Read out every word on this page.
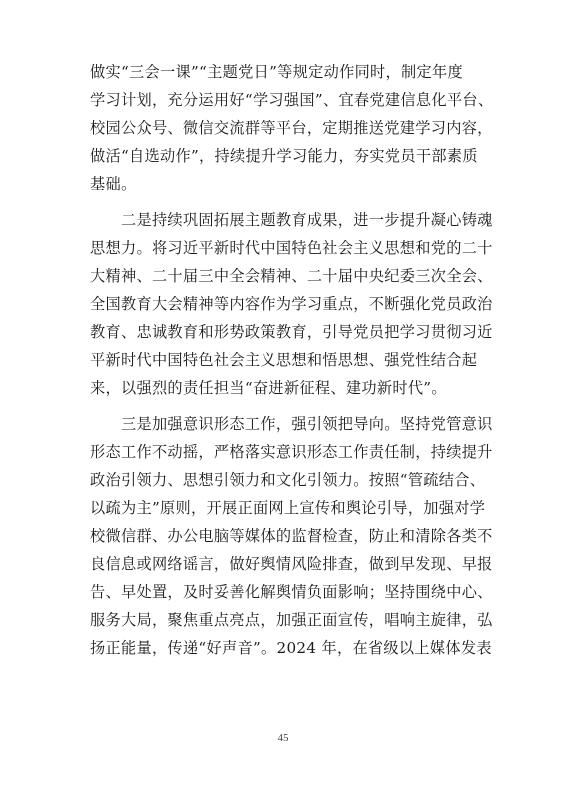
做实“三会一课”“主题党日”等规定动作同时，制定年度
学习计划，充分运用好“学习强国”、宜春党建信息化平台、
校园公众号、微信交流群等平台，定期推送党建学习内容，
做活“自选动作”，持续提升学习能力，夯实党员干部素质
基础。
　　二是持续巩固拓展主题教育成果，进一步提升凝心铸魂
思想力。将习近平新时代中国特色社会主义思想和党的二十
大精神、二十届三中全会精神、二十届中央纪委三次全会、
全国教育大会精神等内容作为学习重点，不断强化党员政治
教育、忠诚教育和形势政策教育，引导党员把学习贯彻习近
平新时代中国特色社会主义思想和悟思想、强党性结合起
来，以强烈的责任担当“奋进新征程、建功新时代”。
　　三是加强意识形态工作，强引领把导向。坚持党管意识
形态工作不动摇，严格落实意识形态工作责任制，持续提升
政治引领力、思想引领力和文化引领力。按照“管疏结合、
以疏为主”原则，开展正面网上宣传和舆论引导，加强对学
校微信群、办公电脑等媒体的监督检查，防止和清除各类不
良信息或网络谣言，做好舆情风险排查，做到早发现、早报
告、早处置，及时妥善化解舆情负面影响；坚持围绕中心、
服务大局，聚焦重点亮点，加强正面宣传，唱响主旋律，弘
扬正能量，传递“好声音”。2024 年，在省级以上媒体发表
45
